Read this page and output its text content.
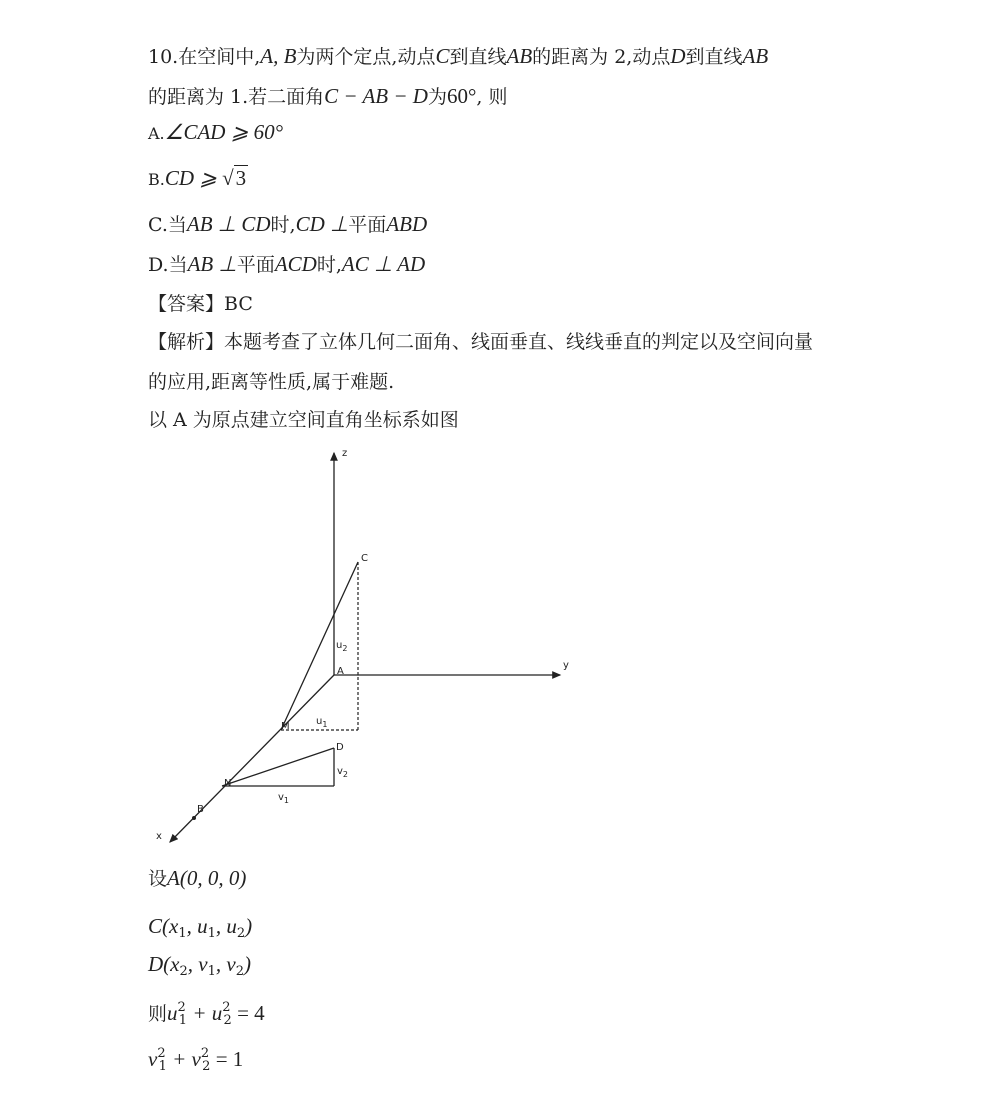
10.在空间中,A, B为两个定点,动点C到直线AB的距离为 2,动点D到直线AB
的距离为 1.若二面角C − AB − D为60°, 则
A.∠CAD ⩾ 60°
B.CD ⩾ √3
C.当AB ⊥ CD时,CD ⊥平面ABD
D.当AB ⊥平面ACD时,AC ⊥ AD
【答案】BC
【解析】本题考查了立体几何二面角、线面垂直、线线垂直的判定以及空间向量
的应用,距离等性质,属于难题.
以 A 为原点建立空间直角坐标系如图
z
y
x
A
B
C
M	$u_1$
$u_2$
D
N
$v_1$
$v_2$
设A(0, 0, 0)
$C(x_1$, $u_1$, $u_2$)
$D(x_2$, $v_1$, $v_2$)
则$u^2_1 + u^2_2 = 4$
$v^2_1 + v^2_2 = 1$
